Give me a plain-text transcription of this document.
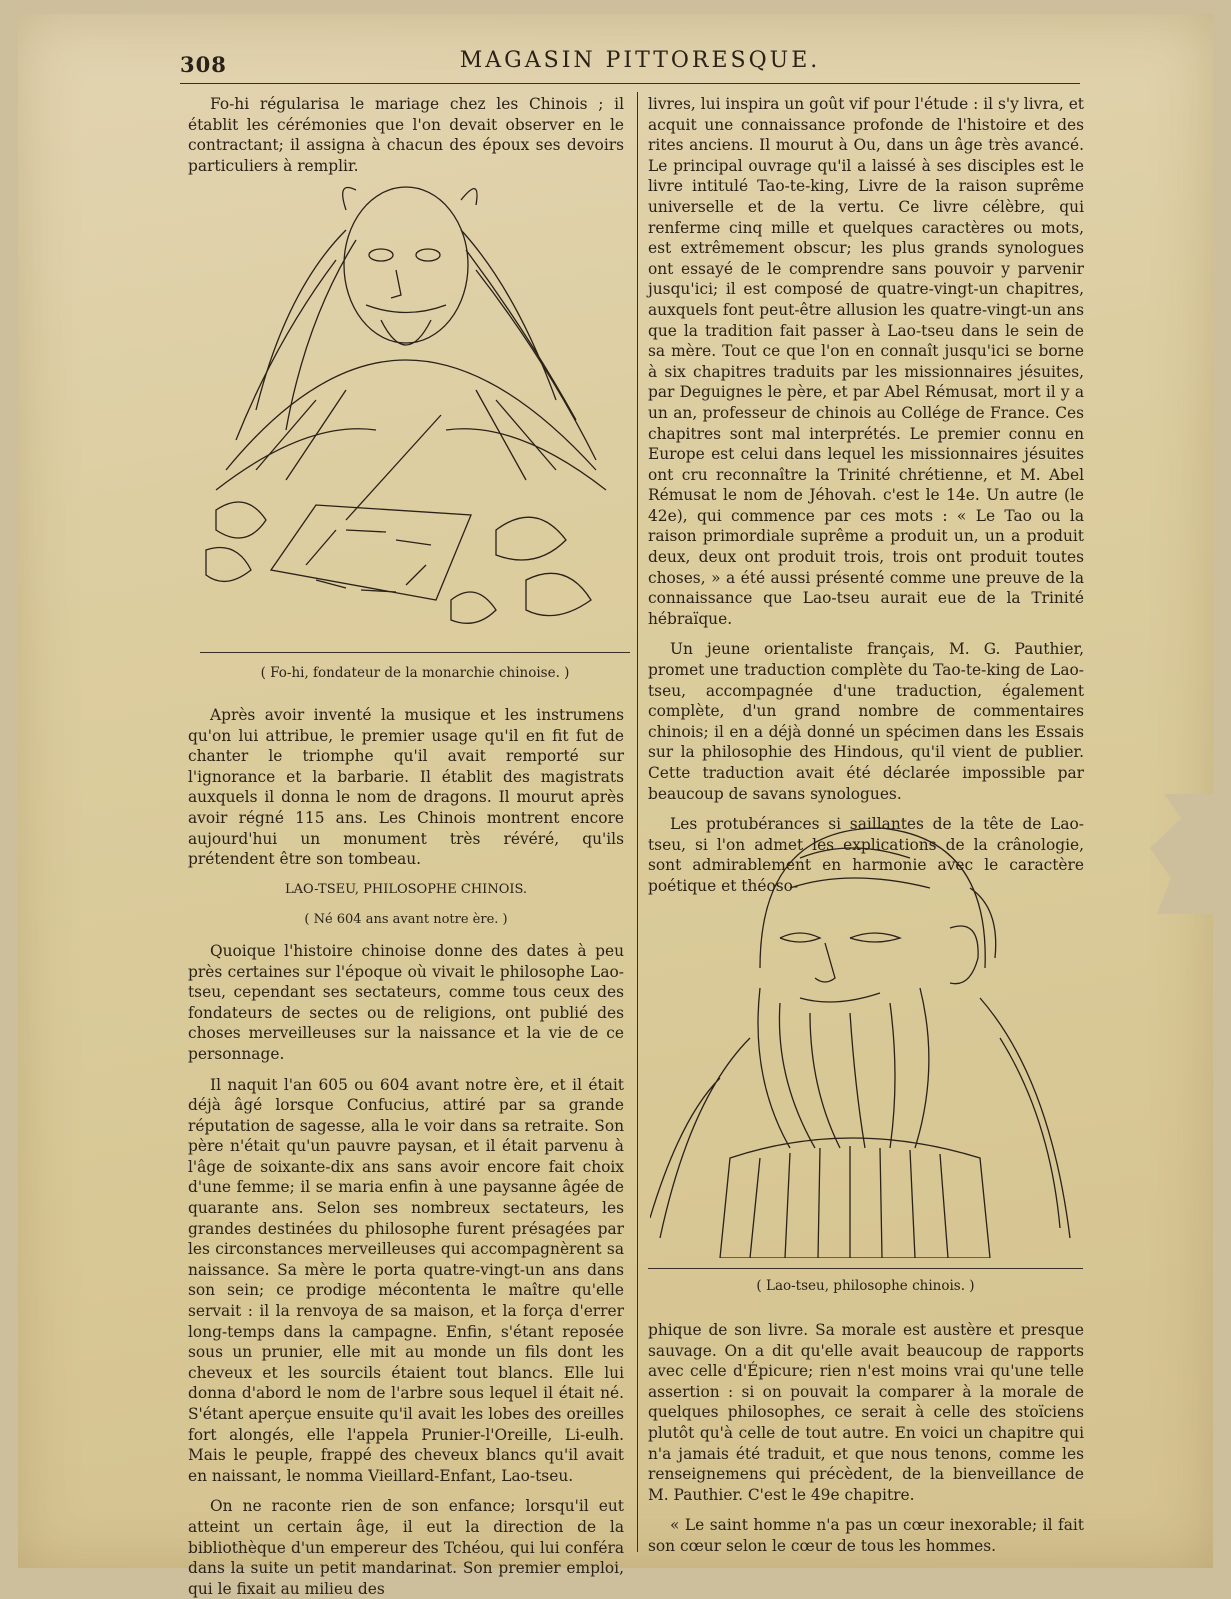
308	MAGASIN PITTORESQUE.

Fo-hi régularisa le mariage chez les Chinois ; il établit les cérémonies que l'on devait observer en le contractant; il assigna à chacun des époux ses devoirs particuliers à remplir.

( Fo-hi, fondateur de la monarchie chinoise. )

Après avoir inventé la musique et les instrumens qu'on lui attribue, le premier usage qu'il en fit fut de chanter le triomphe qu'il avait remporté sur l'ignorance et la barbarie. Il établit des magistrats auxquels il donna le nom de dragons. Il mourut après avoir régné 115 ans. Les Chinois montrent encore aujourd'hui un monument très révéré, qu'ils prétendent être son tombeau.

LAO-TSEU, PHILOSOPHE CHINOIS.

( Né 604 ans avant notre ère. )

Quoique l'histoire chinoise donne des dates à peu près certaines sur l'époque où vivait le philosophe Lao-tseu, cependant ses sectateurs, comme tous ceux des fondateurs de sectes ou de religions, ont publié des choses merveilleuses sur la naissance et la vie de ce personnage.

Il naquit l'an 605 ou 604 avant notre ère, et il était déjà âgé lorsque Confucius, attiré par sa grande réputation de sagesse, alla le voir dans sa retraite. Son père n'était qu'un pauvre paysan, et il était parvenu à l'âge de soixante-dix ans sans avoir encore fait choix d'une femme; il se maria enfin à une paysanne âgée de quarante ans. Selon ses nombreux sectateurs, les grandes destinées du philosophe furent présagées par les circonstances merveilleuses qui accompagnèrent sa naissance. Sa mère le porta quatre-vingt-un ans dans son sein; ce prodige mécontenta le maître qu'elle servait : il la renvoya de sa maison, et la força d'errer long-temps dans la campagne. Enfin, s'étant reposée sous un prunier, elle mit au monde un fils dont les cheveux et les sourcils étaient tout blancs. Elle lui donna d'abord le nom de l'arbre sous lequel il était né. S'étant aperçue ensuite qu'il avait les lobes des oreilles fort alongés, elle l'appela Prunier-l'Oreille, Li-eulh. Mais le peuple, frappé des cheveux blancs qu'il avait en naissant, le nomma Vieillard-Enfant, Lao-tseu.

On ne raconte rien de son enfance; lorsqu'il eut atteint un certain âge, il eut la direction de la bibliothèque d'un empereur des Tchéou, qui lui conféra dans la suite un petit mandarinat. Son premier emploi, qui le fixait au milieu des

livres, lui inspira un goût vif pour l'étude : il s'y livra, et acquit une connaissance profonde de l'histoire et des rites anciens. Il mourut à Ou, dans un âge très avancé. Le principal ouvrage qu'il a laissé à ses disciples est le livre intitulé Tao-te-king, Livre de la raison suprême universelle et de la vertu. Ce livre célèbre, qui renferme cinq mille et quelques caractères ou mots, est extrêmement obscur; les plus grands synologues ont essayé de le comprendre sans pouvoir y parvenir jusqu'ici; il est composé de quatre-vingt-un chapitres, auxquels font peut-être allusion les quatre-vingt-un ans que la tradition fait passer à Lao-tseu dans le sein de sa mère. Tout ce que l'on en connaît jusqu'ici se borne à six chapitres traduits par les missionnaires jésuites, par Deguignes le père, et par Abel Rémusat, mort il y a un an, professeur de chinois au Collége de France. Ces chapitres sont mal interprétés. Le premier connu en Europe est celui dans lequel les missionnaires jésuites ont cru reconnaître la Trinité chrétienne, et M. Abel Rémusat le nom de Jéhovah. c'est le 14e. Un autre (le 42e), qui commence par ces mots : « Le Tao ou la raison primordiale suprême a produit un, un a produit deux, deux ont produit trois, trois ont produit toutes choses, » a été aussi présenté comme une preuve de la connaissance que Lao-tseu aurait eue de la Trinité hébraïque.

Un jeune orientaliste français, M. G. Pauthier, promet une traduction complète du Tao-te-king de Lao-tseu, accompagnée d'une traduction, également complète, d'un grand nombre de commentaires chinois; il en a déjà donné un spécimen dans les Essais sur la philosophie des Hindous, qu'il vient de publier. Cette traduction avait été déclarée impossible par beaucoup de savans synologues.

Les protubérances si saillantes de la tête de Lao-tseu, si l'on admet les explications de la crânologie, sont admirablement en harmonie avec le caractère poétique et théoso-

( Lao-tseu, philosophe chinois. )

phique de son livre. Sa morale est austère et presque sauvage. On a dit qu'elle avait beaucoup de rapports avec celle d'Épicure; rien n'est moins vrai qu'une telle assertion : si on pouvait la comparer à la morale de quelques philosophes, ce serait à celle des stoïciens plutôt qu'à celle de tout autre. En voici un chapitre qui n'a jamais été traduit, et que nous tenons, comme les renseignemens qui précèdent, de la bienveillance de M. Pauthier. C'est le 49e chapitre.

« Le saint homme n'a pas un cœur inexorable; il fait son cœur selon le cœur de tous les hommes.
